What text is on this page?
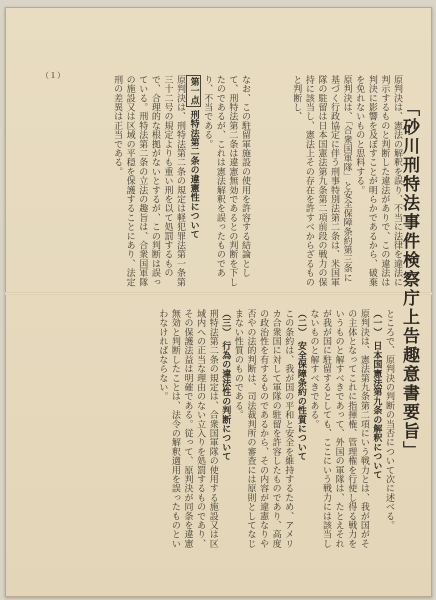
「砂川刑特法事件検察庁上告趣意書要旨」
（１）	原判決は、憲法の解釈を誤り、不当に法律を違法に判示するものと判断した違法がありで、この違法は判決に影響を及ぼすことが明らかであるから、破棄を免れないものと思料する。

原判決は、「合衆国軍隊」と安全保障条約第三条に基づく行政協定に伴う刑事特別法第二条は、米国軍隊の駐留は日本国憲法第九条第二項前段の戦力の保持に該当し、憲法上その存在を許すべからざるものと判断し、

なお、この駐留軍施設の使用を許容する結論として、刑特法第二条は違憲無効であるとの判断を下したのであるが、これは憲法解釈を誤ったものであり、不当である。

第一点 刑特法第二条の違憲性について

原判決は、刑特法第二条の規定は軽犯罪法第一条第三十二号の規定よりも重い刑を以て処罰するもので、合理的な根拠がないとするが、この判断は誤っている。刑特法第二条の立法の趣旨は、合衆国軍隊の施設又は区域の平穏を保護することにあり、法定刑の差異は正当である。

ところで、原判決の判断の当否について次に述べる。

（一）　日本国憲法第九条の解釈について

原判決は、憲法第九条第二項にいう戦力とは、我が国がその主体となってこれに指揮権、管理権を行使し得る戦力をいうものと解すべきであって、外国の軍隊は、たとえそれが我が国に駐留するとしても、ここにいう戦力には該当しないものと解すべきである。

（二）　安全保障条約の性質について

この条約は、我が国の平和と安全を維持するため、アメリカ合衆国に対して軍隊の駐留を許容したものであり、高度の政治性を有するものであるから、その内容が違憲なりや否やの法的判断は、司法裁判所の審査には原則としてなじまない性質のものである。

（三）　行為の違法性の判断について

刑特法第二条の規定は、合衆国軍隊の使用する施設又は区域内への正当な理由のない立入りを処罰するものであり、その保護法益は明確である。従って、原判決が同条を違憲無効と判断したことは、法令の解釈適用を誤ったものといわなければならない。
